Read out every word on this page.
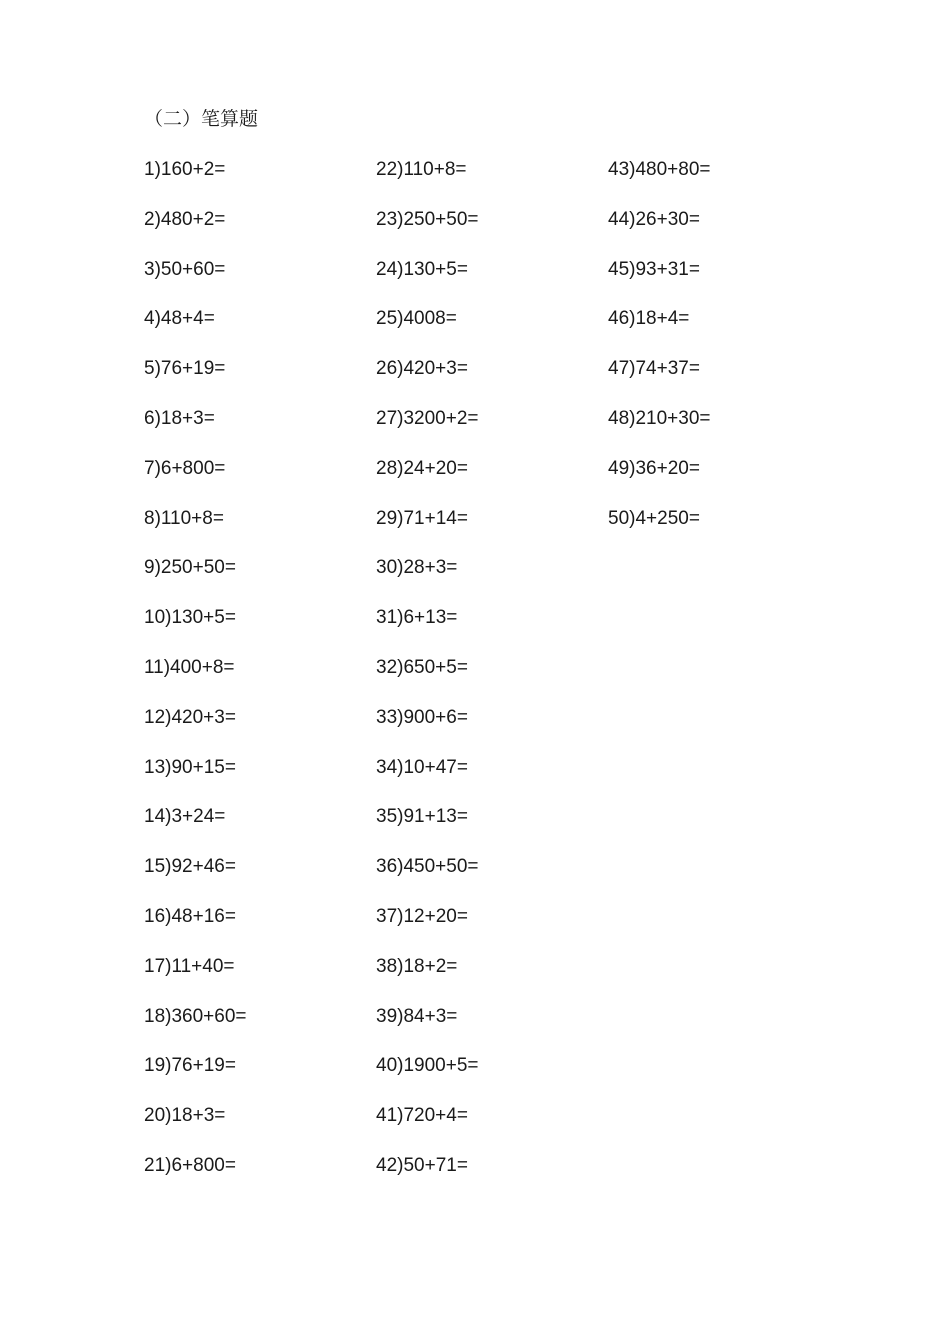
（二）笔算题
1)160+2=
2)480+2=
3)50+60=
4)48+4=
5)76+19=
6)18+3=
7)6+800=
8)110+8=
9)250+50=
10)130+5=
11)400+8=
12)420+3=
13)90+15=
14)3+24=
15)92+46=
16)48+16=
17)11+40=
18)360+60=
19)76+19=
20)18+3=
21)6+800=
22)110+8=
23)250+50=
24)130+5=
25)4008=
26)420+3=
27)3200+2=
28)24+20=
29)71+14=
30)28+3=
31)6+13=
32)650+5=
33)900+6=
34)10+47=
35)91+13=
36)450+50=
37)12+20=
38)18+2=
39)84+3=
40)1900+5=
41)720+4=
42)50+71=
43)480+80=
44)26+30=
45)93+31=
46)18+4=
47)74+37=
48)210+30=
49)36+20=
50)4+250=
